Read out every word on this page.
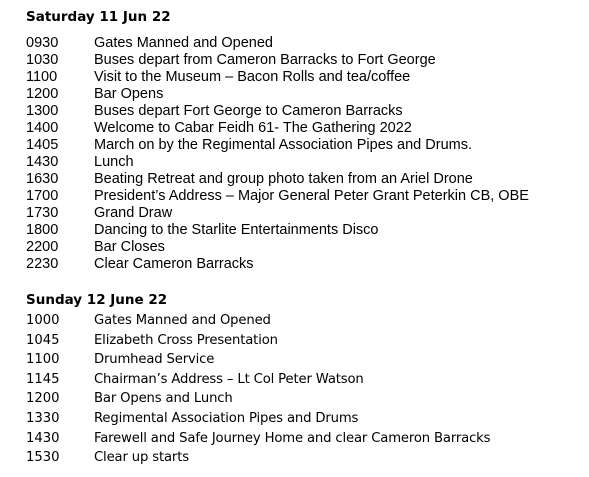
Saturday 11 Jun 22
0930 Gates Manned and Opened
1030 Buses depart from Cameron Barracks to Fort George
1100	Visit to the Museum – Bacon Rolls and tea/coffee
1200 Bar Opens
1300 Buses depart Fort George to Cameron Barracks
1400 Welcome to Cabar Feidh 61- The Gathering 2022
1405 March on by the Regimental Association Pipes and Drums.
1430 Lunch
1630 Beating Retreat and group photo taken from an Ariel Drone
1700 President’s Address – Major General Peter Grant Peterkin CB, OBE
1730 Grand Draw
1800 Dancing to the Starlite Entertainments Disco
2200 Bar Closes
2230 Clear Cameron Barracks
Sunday 12 June 22
1000	Gates Manned and Opened
1045	Elizabeth Cross Presentation
1100	Drumhead Service
1145	Chairman’s Address – Lt Col Peter Watson
1200	Bar Opens and Lunch
1330	Regimental Association Pipes and Drums
1430	Farewell and Safe Journey Home and clear Cameron Barracks
1530	Clear up starts
